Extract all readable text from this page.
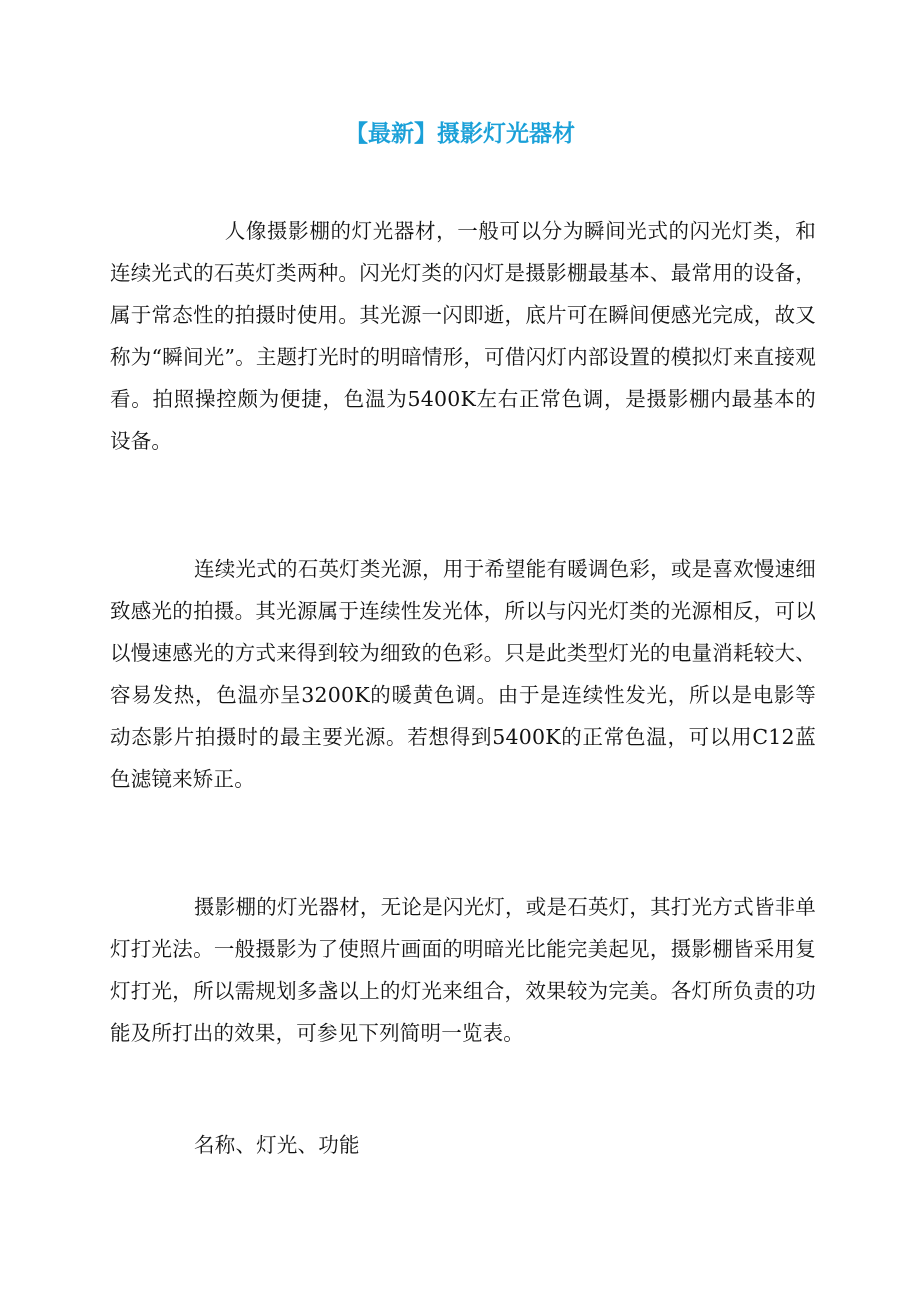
【最新】摄影灯光器材

人像摄影棚的灯光器材，一般可以分为瞬间光式的闪光灯类，和连续光式的石英灯类两种。闪光灯类的闪灯是摄影棚最基本、最常用的设备，属于常态性的拍摄时使用。其光源一闪即逝，底片可在瞬间便感光完成，故又称为“瞬间光”。主题打光时的明暗情形，可借闪灯内部设置的模拟灯来直接观看。拍照操控颇为便捷，色温为5400K左右正常色调，是摄影棚内最基本的设备。

连续光式的石英灯类光源，用于希望能有暖调色彩，或是喜欢慢速细致感光的拍摄。其光源属于连续性发光体，所以与闪光灯类的光源相反，可以以慢速感光的方式来得到较为细致的色彩。只是此类型灯光的电量消耗较大、容易发热，色温亦呈3200K的暖黄色调。由于是连续性发光，所以是电影等动态影片拍摄时的最主要光源。若想得到5400K的正常色温，可以用C12蓝色滤镜来矫正。

摄影棚的灯光器材，无论是闪光灯，或是石英灯，其打光方式皆非单灯打光法。一般摄影为了使照片画面的明暗光比能完美起见，摄影棚皆采用复灯打光，所以需规划多盏以上的灯光来组合，效果较为完美。各灯所负责的功能及所打出的效果，可参见下列简明一览表。

名称、灯光、功能
